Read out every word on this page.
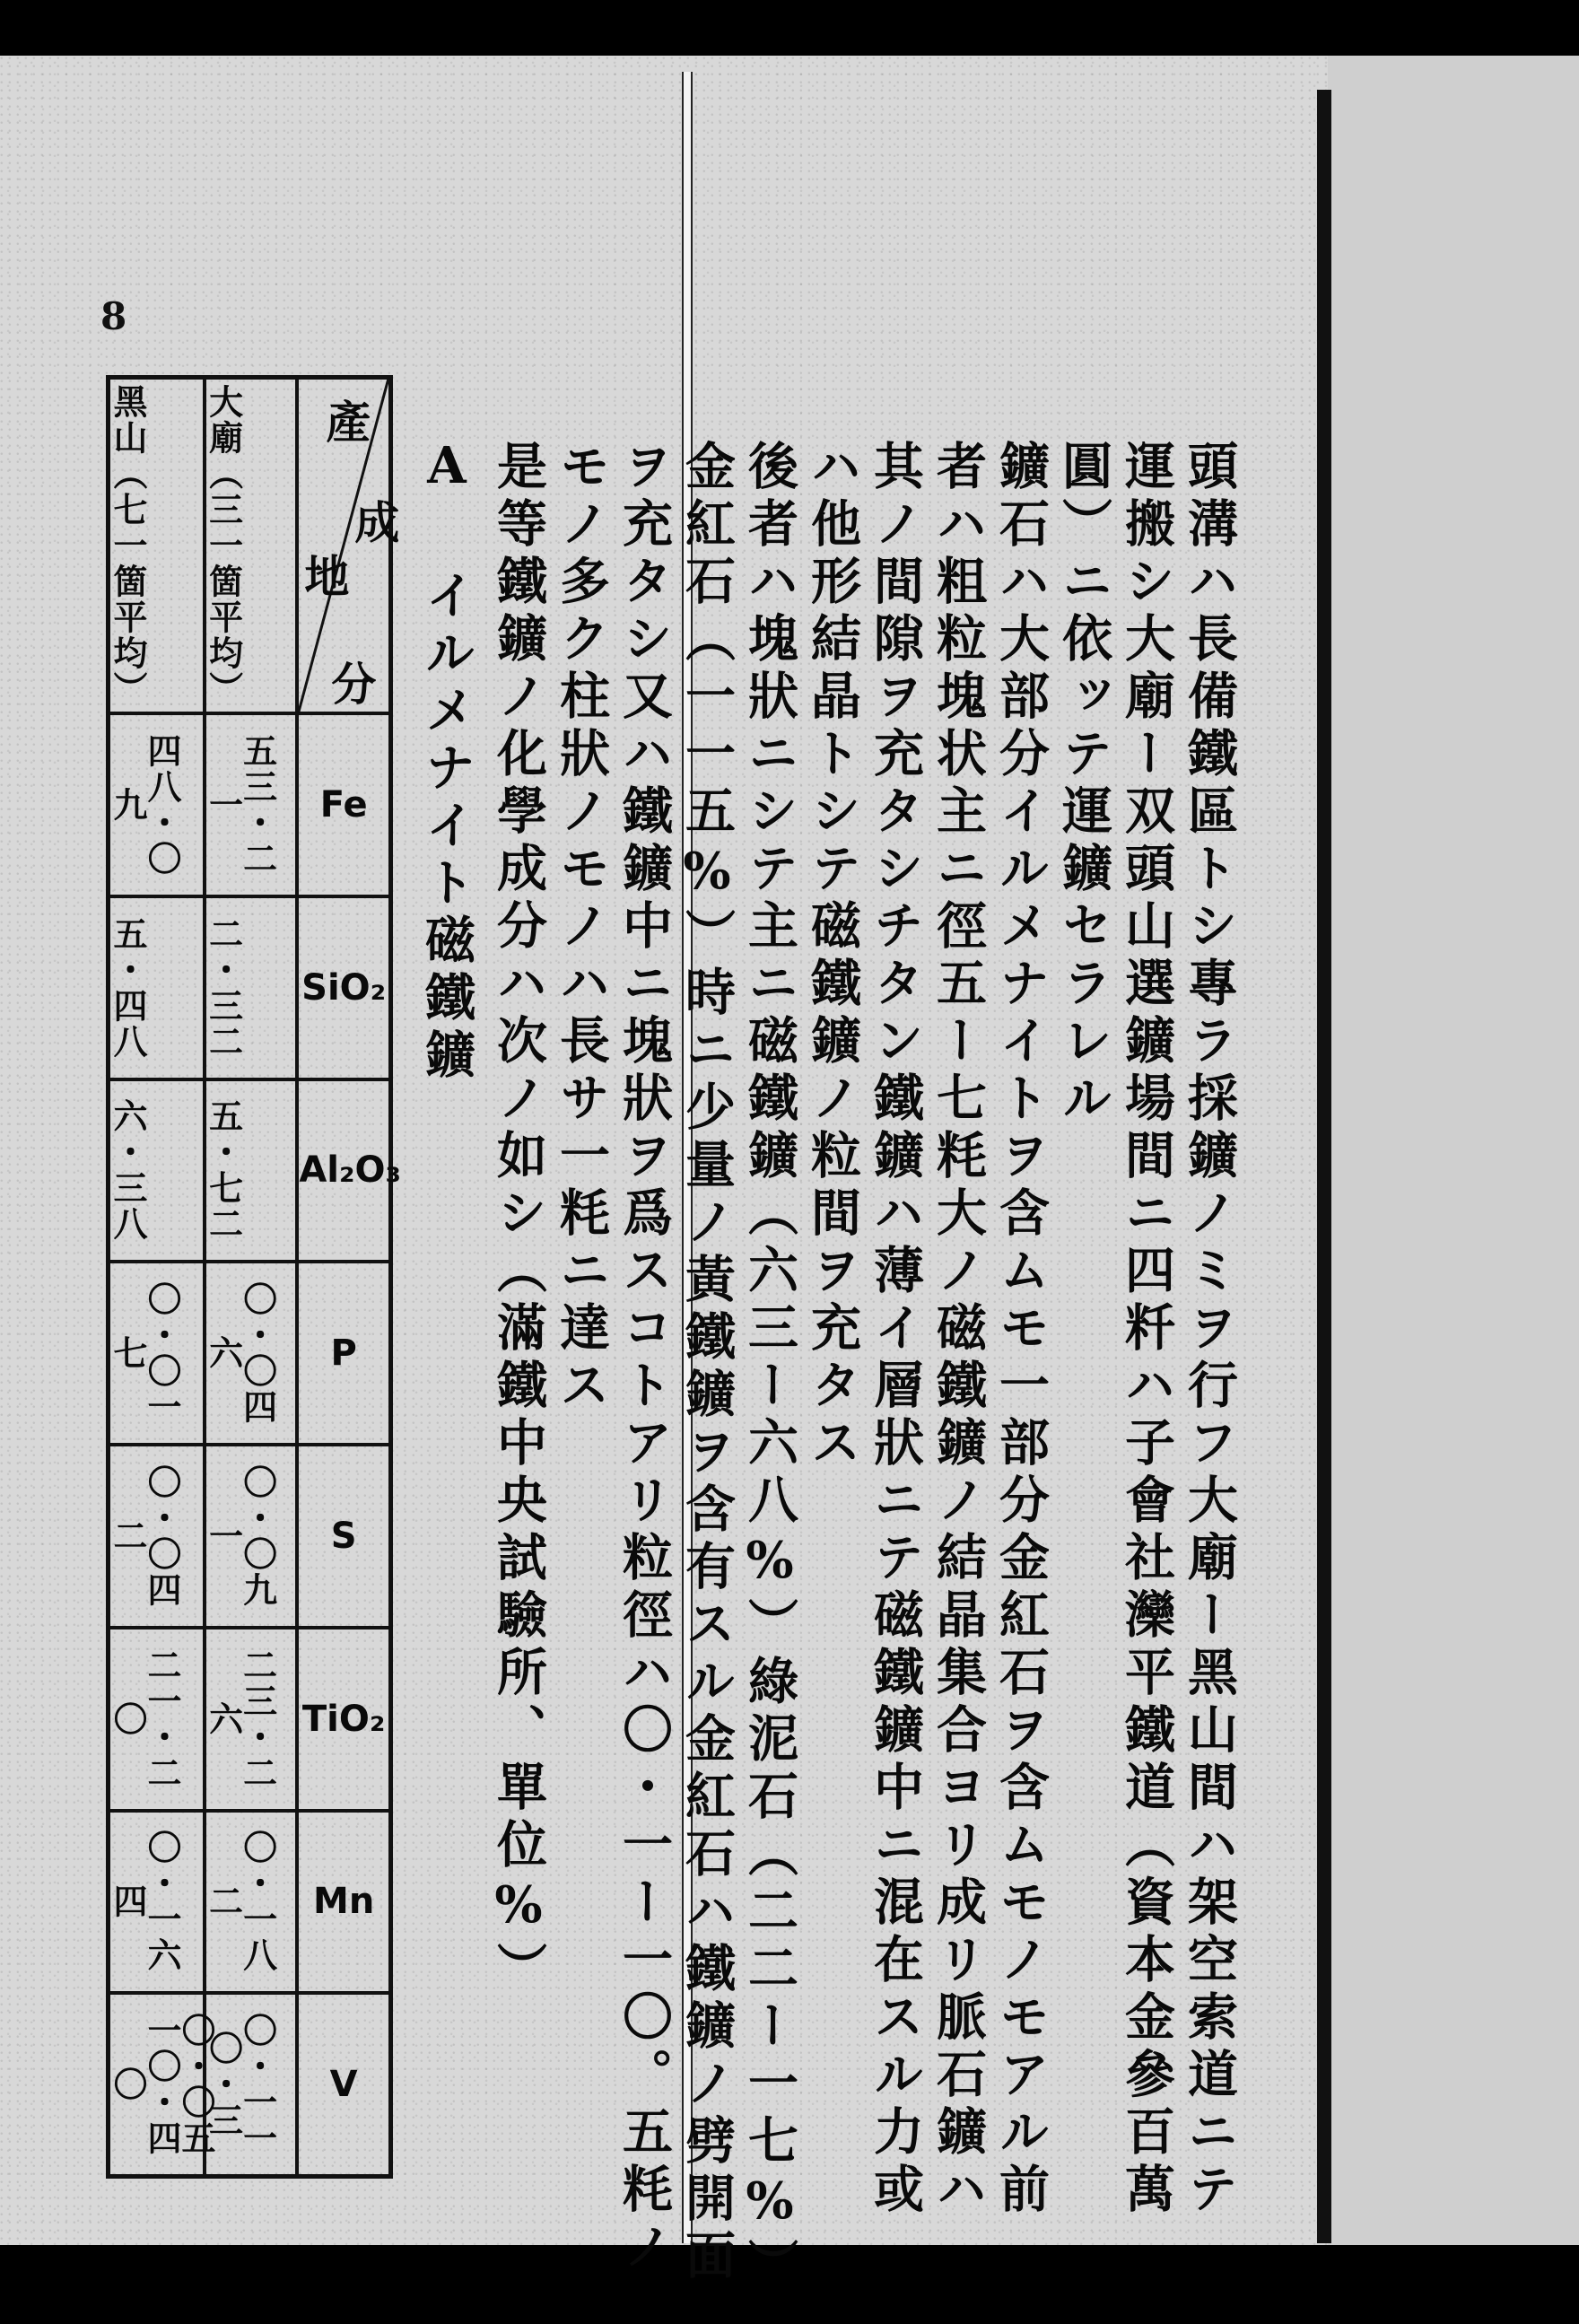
8
頭溝ハ長備鐵區トシ專ラ採鑛ノミヲ行フ大廟ー黑山間ハ架空索道ニテ
運搬シ大廟ー双頭山選鑛場間ニ四粁ハ子會社灤平鐵道（資本金參百萬
圓）ニ依ッテ運鑛セラレル
鑛石ハ大部分イルメナイトヲ含ムモ一部分金紅石ヲ含ムモノモアル前
者ハ粗粒塊状主ニ徑五ー七粍大ノ磁鐵鑛ノ結晶集合ヨリ成リ脈石鑛ハ
其ノ間隙ヲ充タシチタン鐵鑛ハ薄イ層狀ニテ磁鐵鑛中ニ混在スル力或
ハ他形結晶トシテ磁鐵鑛ノ粒間ヲ充タス
後者ハ塊狀ニシテ主ニ磁鐵鑛（六三ー六八%）綠泥石（二二ー一七%）
金紅石（一一五%）時ニ少量ノ黃鐵鑛ヲ含有スル金紅石ハ鐵鑛ノ劈開面
ヲ充タシ又ハ鐵鑛中ニ塊狀ヲ爲スコトアリ粒徑ハ〇・一ー一〇。五粍ノ
モノ多ク柱狀ノモノハ長サ一粍ニ達ス
是等鐵鑛ノ化學成分ハ次ノ如シ（滿鐵中央試驗所、單位%）
A イルメナイト磁鐵鑛
黑山（七一箇平均）	大廟（三一箇平均）	產
成
地
分

四八・〇九	五三・二一	Fe

五・四八	二・三二	SiO₂

六・三八	五・七二	Al₂O₃

〇・〇一七	〇・〇四六	P

〇・〇四二	〇・〇九一	S

二一・二〇	二三・二六	TiO₂

〇・一六四	〇・一八二	Mn

〇・〇五一〇・四〇	〇・一一〇・三	V
